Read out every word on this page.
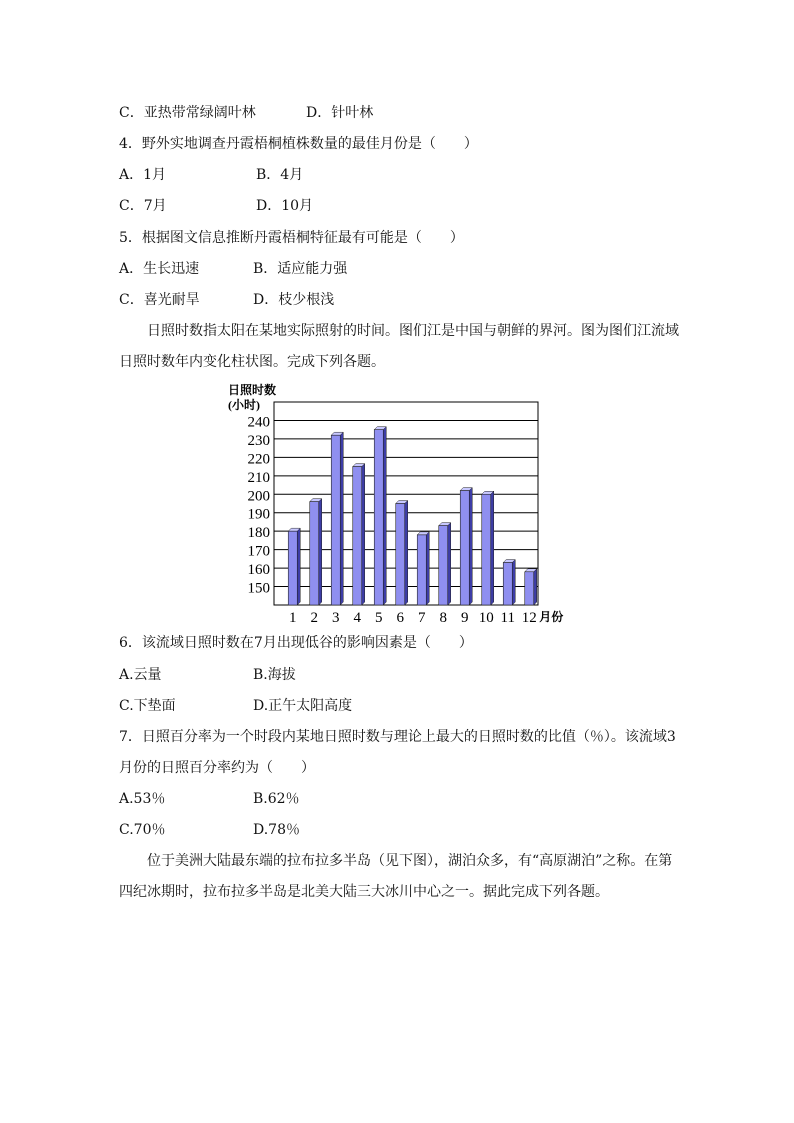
C．亚热带常绿阔叶林	D．针叶林
4．野外实地调查丹霞梧桐植株数量的最佳月份是（　　）
A．1月	B．4月
C．7月	D．10月
5．根据图文信息推断丹霞梧桐特征最有可能是（　　）
A．生长迅速	B．适应能力强
C．喜光耐旱	D．枝少根浅
日照时数指太阳在某地实际照射的时间。图们江是中国与朝鲜的界河。图为图们江流域日照时数年内变化柱状图。完成下列各题。
150
160
170
180
190
200
210
220
230
240
日照时数
(小时)
1 2 3 4 5 6 7 8 9 10 11 12 月份
6．该流域日照时数在7月出现低谷的影响因素是（　　）
A.云量	B.海拔
C.下垫面	D.正午太阳高度
7．日照百分率为一个时段内某地日照时数与理论上最大的日照时数的比值（％）。该流域3
月份的日照百分率约为（　　）
A.53％	B.62％
C.70％	D.78％
位于美洲大陆最东端的拉布拉多半岛（见下图），湖泊众多，有“高原湖泊”之称。在第四纪冰期时，拉布拉多半岛是北美大陆三大冰川中心之一。据此完成下列各题。
